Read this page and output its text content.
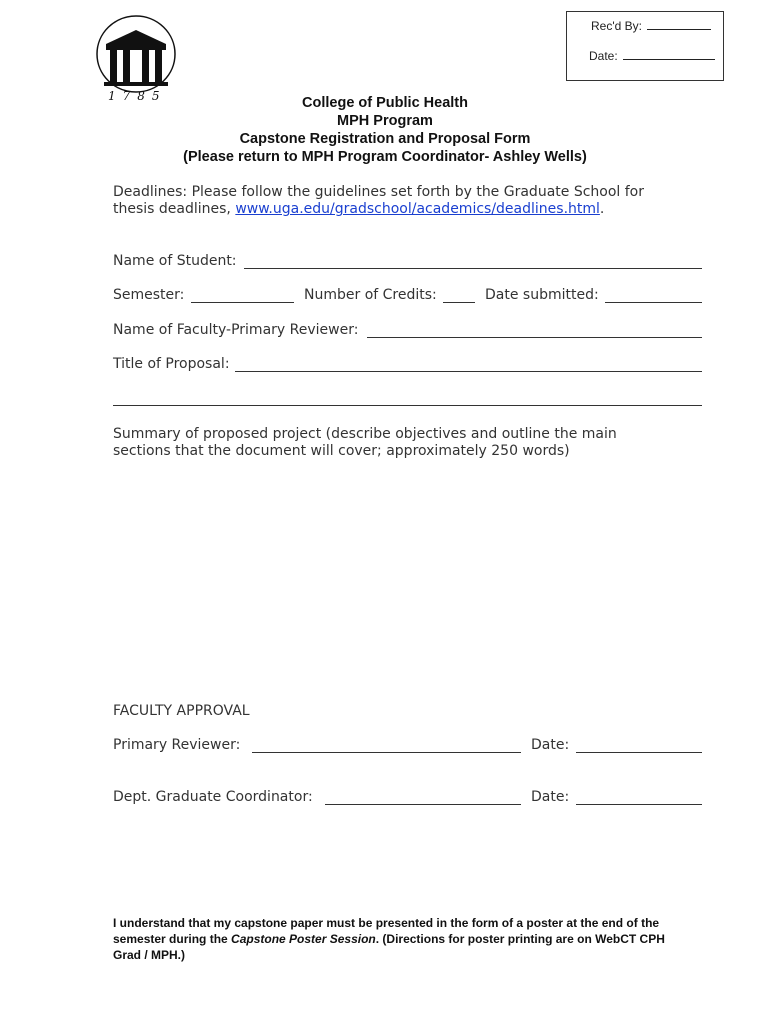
1785
Rec'd By:
Date:
College of Public Health
MPH Program
Capstone Registration and Proposal Form
(Please return to MPH Program Coordinator- Ashley Wells)
Deadlines: Please follow the guidelines set forth by the Graduate School for
thesis deadlines, www.uga.edu/gradschool/academics/deadlines.html.
Name of Student:
Semester:	Number of Credits:	Date submitted:
Name of Faculty-Primary Reviewer:
Title of Proposal:
Summary of proposed project (describe objectives and outline the main
sections that the document will cover; approximately 250 words)
FACULTY APPROVAL
Primary Reviewer:	Date:
Dept. Graduate Coordinator:	Date:
I understand that my capstone paper must be presented in the form of a poster at the end of the semester during the Capstone Poster Session. (Directions for poster printing are on WebCT CPH Grad / MPH.)
